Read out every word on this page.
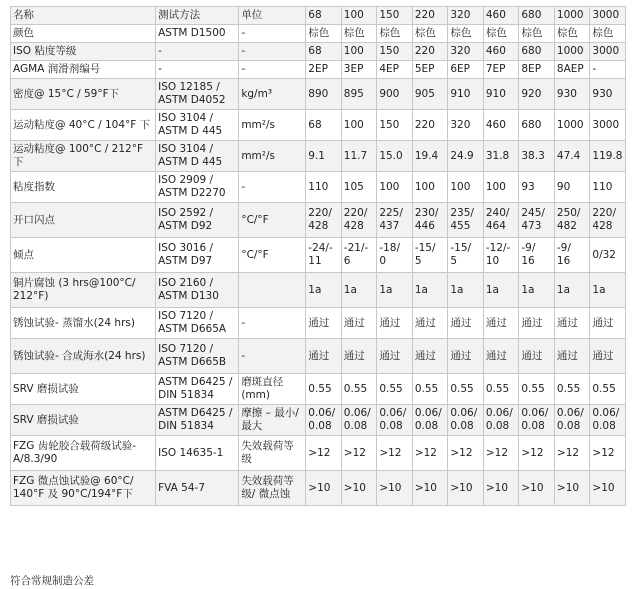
名称	测试方法	单位	68	100	150	220	320	460	680	1000	3000
颜色	ASTM D1500	-	棕色	棕色	棕色	棕色	棕色	棕色	棕色	棕色	棕色
ISO 粘度等级	-	-	68	100	150	220	320	460	680	1000	3000
AGMA 润滑剂编号	-	-	2EP	3EP	4EP	5EP	6EP	7EP	8EP	8AEP	-
密度@ 15°C / 59°F下	ISO 12185 / ASTM D4052	kg/m³	890	895	900	905	910	910	920	930	930
运动粘度@ 40°C / 104°F 下	ISO 3104 / ASTM D 445	mm²/s	68	100	150	220	320	460	680	1000	3000
运动粘度@ 100°C / 212°F 下	ISO 3104 / ASTM D 445	mm²/s	9.1	11.7	15.0	19.4	24.9	31.8	38.3	47.4	119.8
粘度指数	ISO 2909 / ASTM D2270	-	110	105	100	100	100	100	93	90	110
开口闪点	ISO 2592 / ASTM D92	°C/°F	220/ 428	220/ 428	225/ 437	230/ 446	235/ 455	240/ 464	245/ 473	250/ 482	220/ 428
倾点	ISO 3016 / ASTM D97	°C/°F	-24/- 11	-21/- 6	-18/ 0	-15/ 5	-15/ 5	-12/- 10	-9/ 16	-9/ 16	0/32
铜片腐蚀 (3 hrs@100°C/ 212°F)	ISO 2160 / ASTM D130		1a	1a	1a	1a	1a	1a	1a	1a	1a
锈蚀试验- 蒸馏水(24 hrs)	ISO 7120 / ASTM D665A	-	通过	通过	通过	通过	通过	通过	通过	通过	通过
锈蚀试验- 合成海水(24 hrs)	ISO 7120 / ASTM D665B	-	通过	通过	通过	通过	通过	通过	通过	通过	通过
SRV 磨损试验	ASTM D6425 / DIN 51834	磨斑直径 (mm)	0.55	0.55	0.55	0.55	0.55	0.55	0.55	0.55	0.55
SRV 磨损试验	ASTM D6425 / DIN 51834	摩擦 – 最小/最大	0.06/ 0.08	0.06/ 0.08	0.06/ 0.08	0.06/ 0.08	0.06/ 0.08	0.06/ 0.08	0.06/ 0.08	0.06/ 0.08	0.06/ 0.08
FZG 齿轮胶合载荷级试验- A/8.3/90	ISO 14635-1	失效载荷等级	>12	>12	>12	>12	>12	>12	>12	>12	>12
FZG 微点蚀试验@ 60°C/ 140°F 及 90°C/194°F下	FVA 54-7	失效载荷等级/ 微点蚀	>10	>10	>10	>10	>10	>10	>10	>10	>10
符合常规制造公差
